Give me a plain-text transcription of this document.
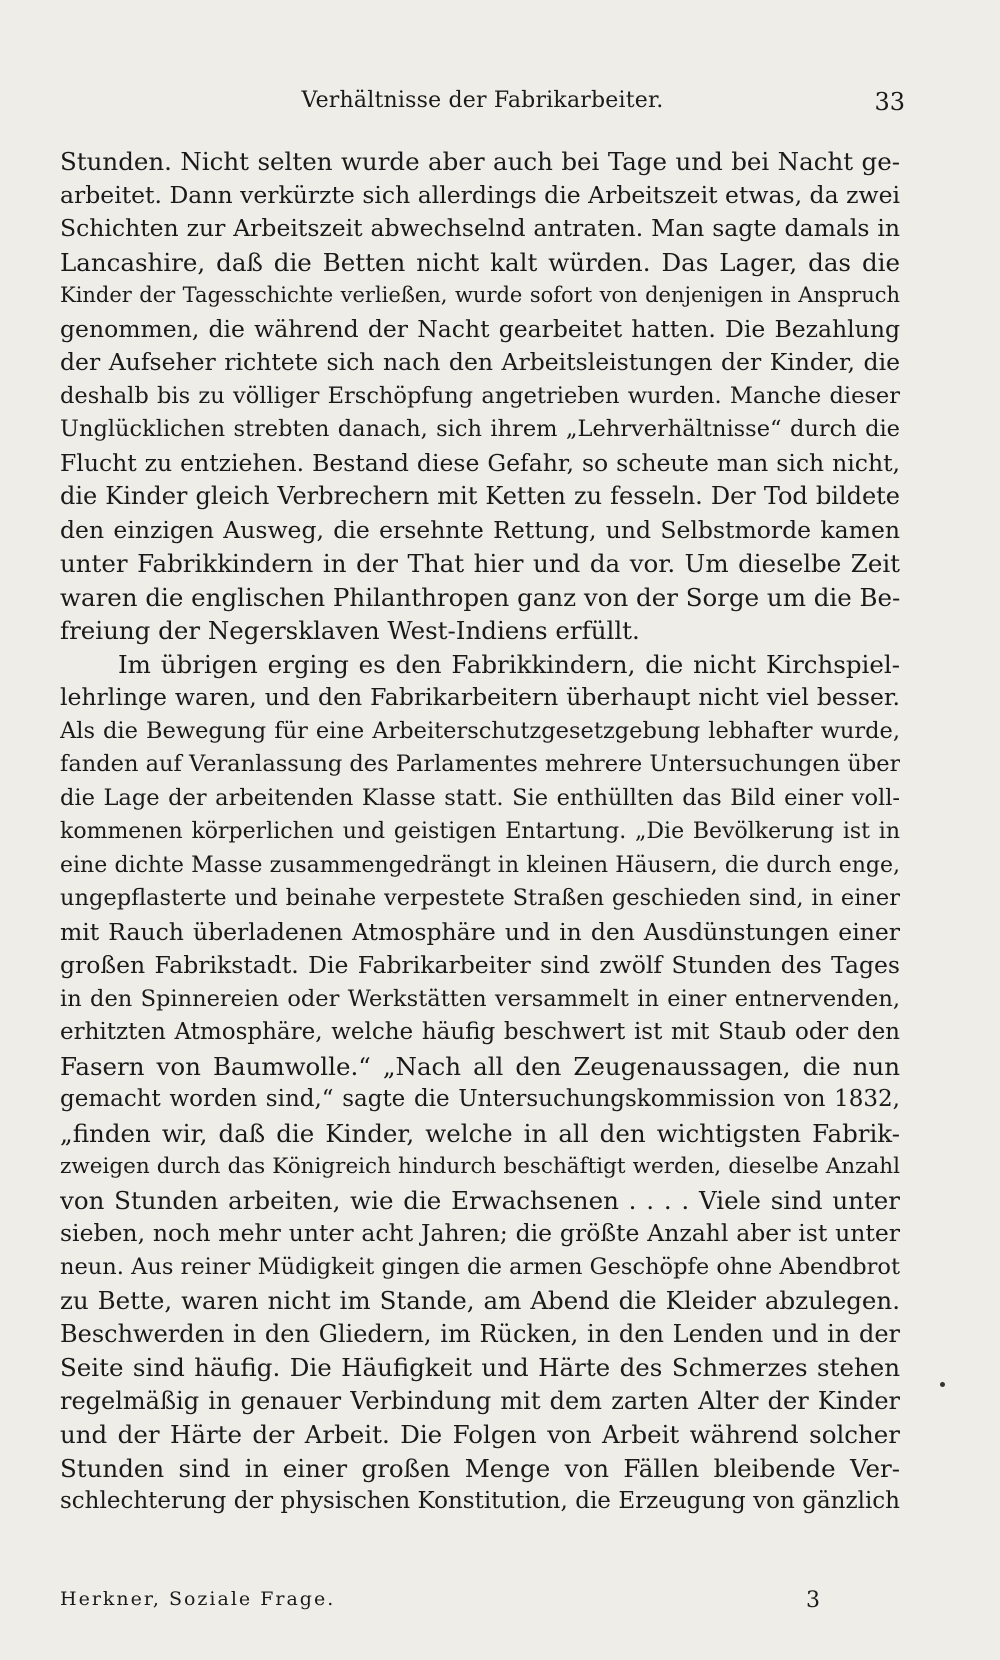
Verhältnisse der Fabrikarbeiter.	33
Stunden. Nicht selten wurde aber auch bei Tage und bei Nacht ge-
arbeitet. Dann verkürzte sich allerdings die Arbeitszeit etwas, da zwei
Schichten zur Arbeitszeit abwechselnd antraten. Man sagte damals in
Lancashire, daß die Betten nicht kalt würden. Das Lager, das die
Kinder der Tagesschichte verließen, wurde sofort von denjenigen in Anspruch
genommen, die während der Nacht gearbeitet hatten. Die Bezahlung
der Aufseher richtete sich nach den Arbeitsleistungen der Kinder, die
deshalb bis zu völliger Erschöpfung angetrieben wurden. Manche dieser
Unglücklichen strebten danach, sich ihrem „Lehrverhältnisse“ durch die
Flucht zu entziehen. Bestand diese Gefahr, so scheute man sich nicht,
die Kinder gleich Verbrechern mit Ketten zu fesseln. Der Tod bildete
den einzigen Ausweg, die ersehnte Rettung, und Selbstmorde kamen
unter Fabrikkindern in der That hier und da vor. Um dieselbe Zeit
waren die englischen Philanthropen ganz von der Sorge um die Be-
freiung der Negersklaven West-Indiens erfüllt.
Im übrigen erging es den Fabrikkindern, die nicht Kirchspiel-
lehrlinge waren, und den Fabrikarbeitern überhaupt nicht viel besser.
Als die Bewegung für eine Arbeiterschutzgesetzgebung lebhafter wurde,
fanden auf Veranlassung des Parlamentes mehrere Untersuchungen über
die Lage der arbeitenden Klasse statt. Sie enthüllten das Bild einer voll-
kommenen körperlichen und geistigen Entartung. „Die Bevölkerung ist in
eine dichte Masse zusammengedrängt in kleinen Häusern, die durch enge,
ungepflasterte und beinahe verpestete Straßen geschieden sind, in einer
mit Rauch überladenen Atmosphäre und in den Ausdünstungen einer
großen Fabrikstadt. Die Fabrikarbeiter sind zwölf Stunden des Tages
in den Spinnereien oder Werkstätten versammelt in einer entnervenden,
erhitzten Atmosphäre, welche häufig beschwert ist mit Staub oder den
Fasern von Baumwolle.“ „Nach all den Zeugenaussagen, die nun
gemacht worden sind,“ sagte die Untersuchungskommission von 1832,
„finden wir, daß die Kinder, welche in all den wichtigsten Fabrik-
zweigen durch das Königreich hindurch beschäftigt werden, dieselbe Anzahl
von Stunden arbeiten, wie die Erwachsenen . . . . Viele sind unter
sieben, noch mehr unter acht Jahren; die größte Anzahl aber ist unter
neun. Aus reiner Müdigkeit gingen die armen Geschöpfe ohne Abendbrot
zu Bette, waren nicht im Stande, am Abend die Kleider abzulegen.
Beschwerden in den Gliedern, im Rücken, in den Lenden und in der
Seite sind häufig. Die Häufigkeit und Härte des Schmerzes stehen
regelmäßig in genauer Verbindung mit dem zarten Alter der Kinder
und der Härte der Arbeit. Die Folgen von Arbeit während solcher
Stunden sind in einer großen Menge von Fällen bleibende Ver-
schlechterung der physischen Konstitution, die Erzeugung von gänzlich
Herkner, Soziale Frage.	3
